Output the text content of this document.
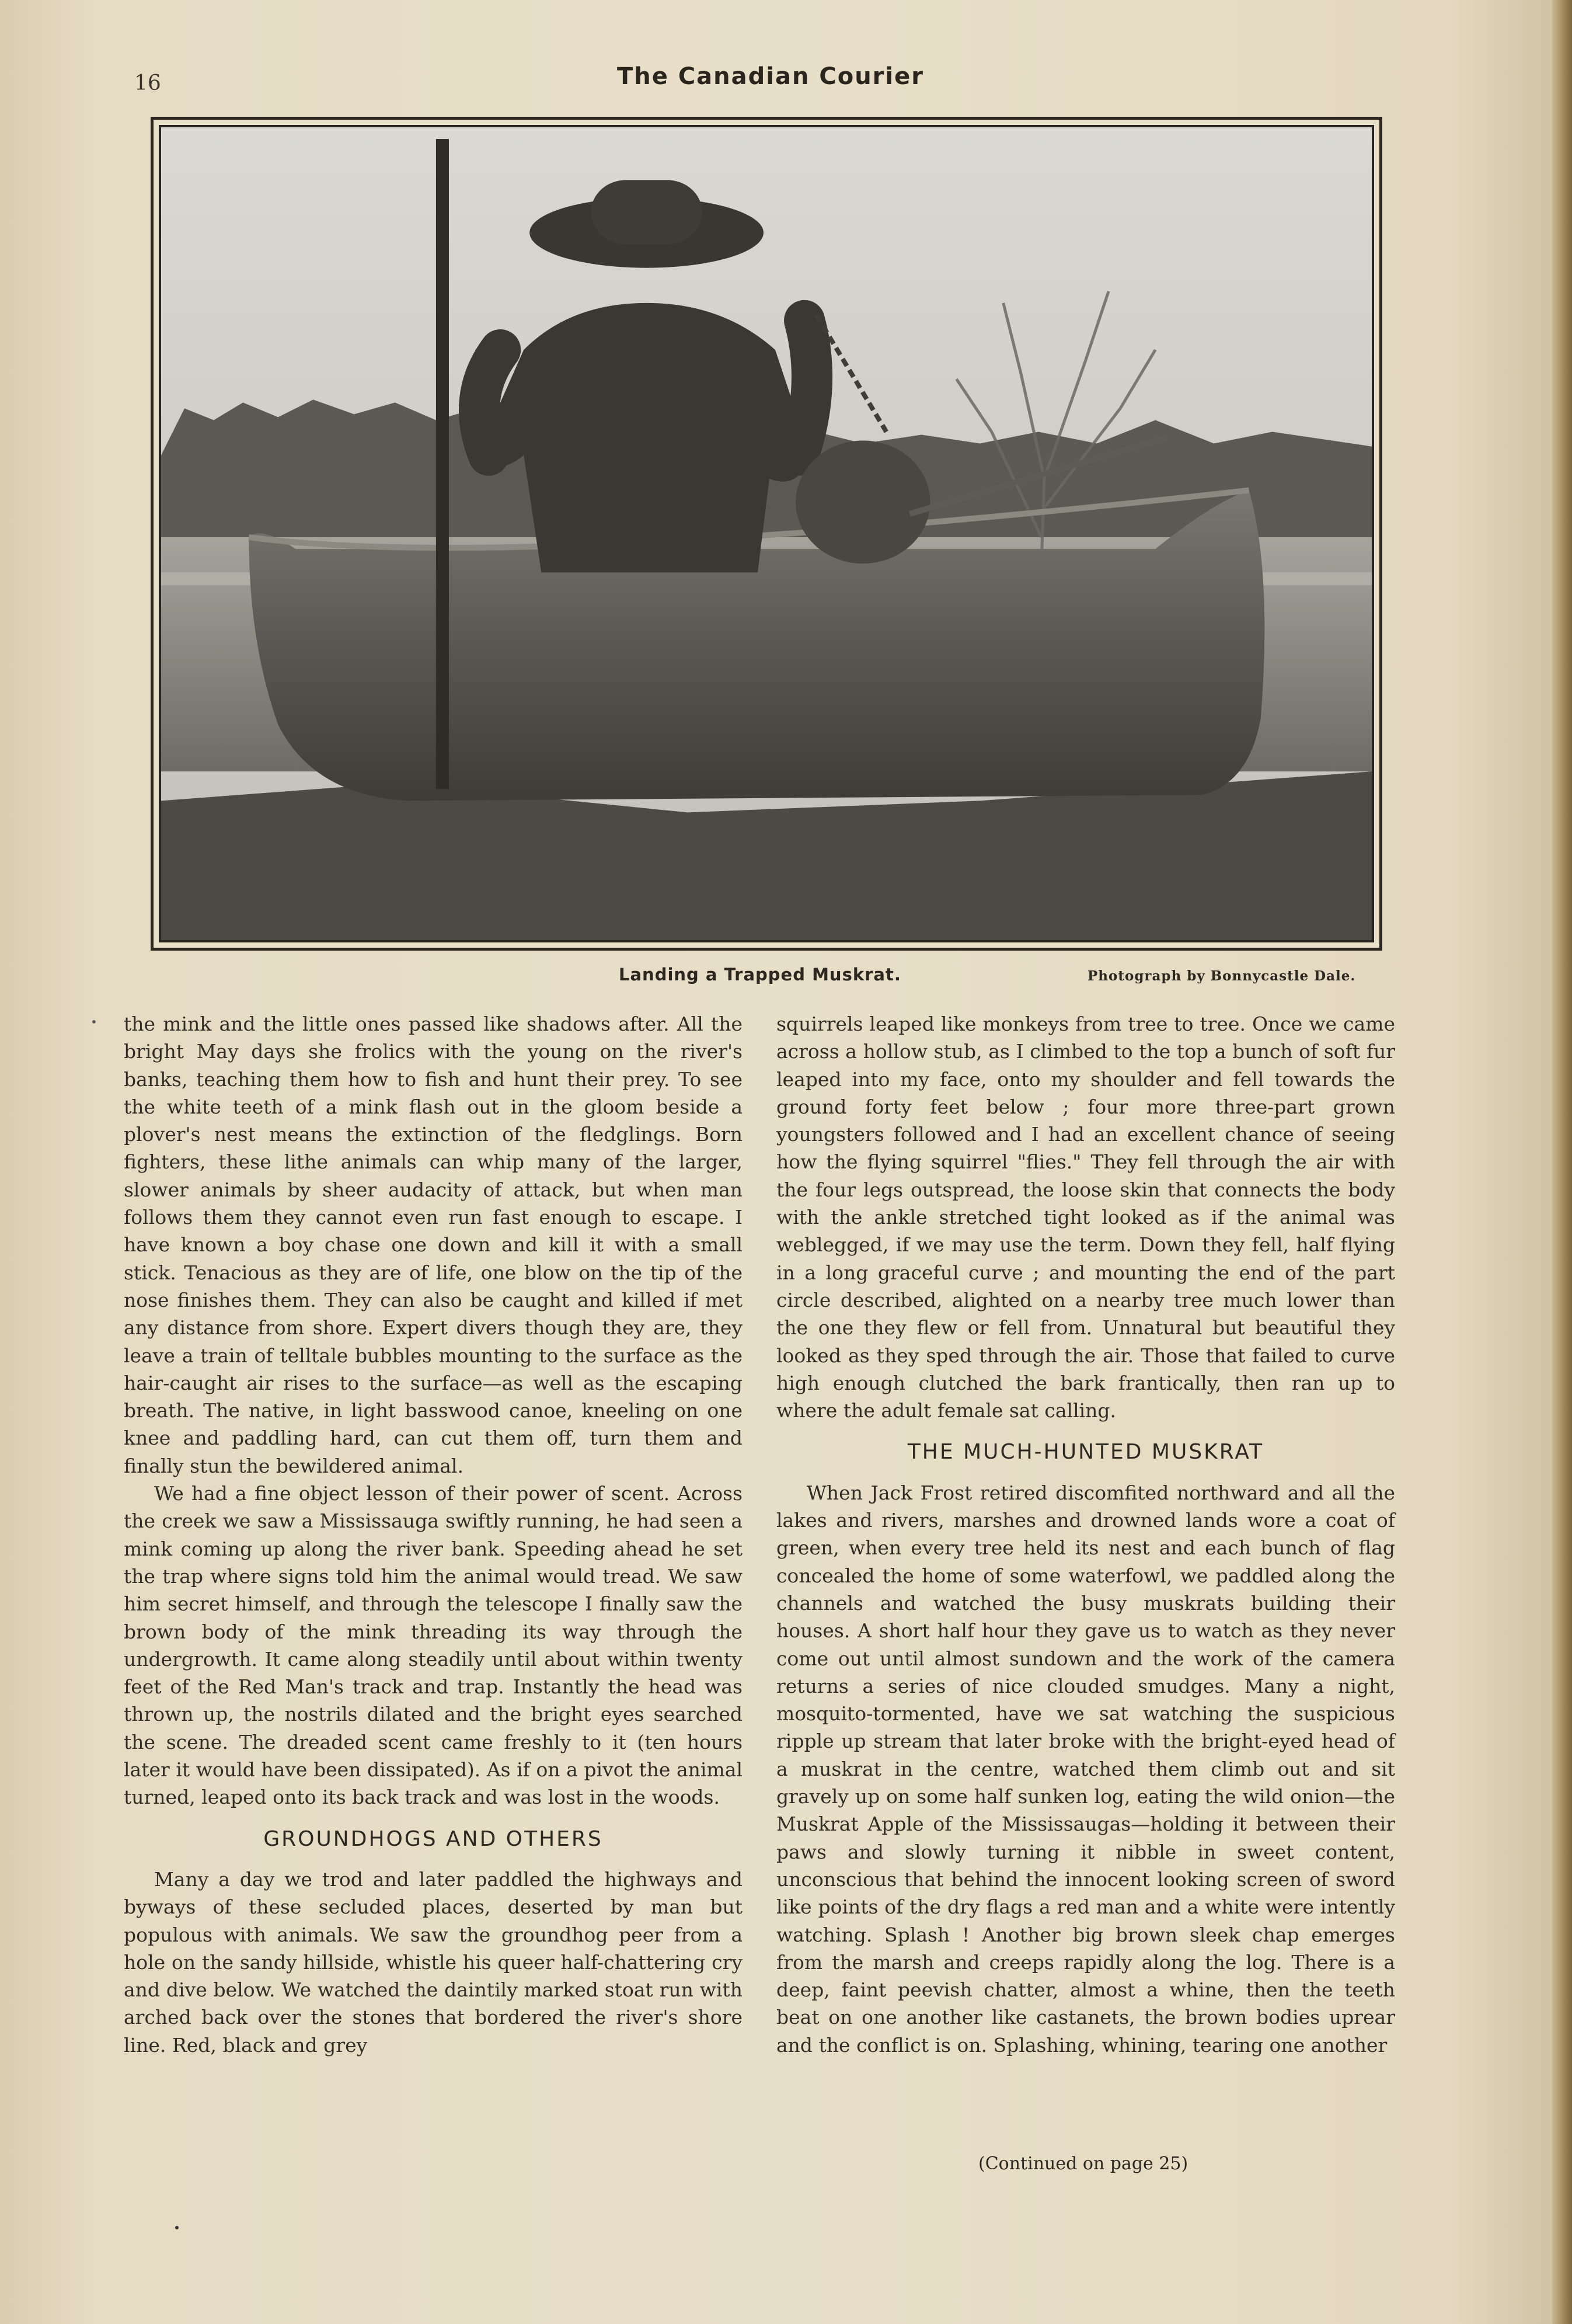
16	The Canadian Courier
Landing a Trapped Muskrat.	Photograph by Bonnycastle Dale.
• the mink and the little ones passed like shadows after. All the bright May days she frolics with the young on the river's banks, teaching them how to fish and hunt their prey. To see the white teeth of a mink flash out in the gloom beside a plover's nest means the extinction of the fledglings. Born fighters, these lithe animals can whip many of the larger, slower animals by sheer audacity of attack, but when man follows them they cannot even run fast enough to escape. I have known a boy chase one down and kill it with a small stick. Tenacious as they are of life, one blow on the tip of the nose finishes them. They can also be caught and killed if met any distance from shore. Expert divers though they are, they leave a train of telltale bubbles mounting to the surface as the hair-caught air rises to the surface—as well as the escaping breath. The native, in light basswood canoe, kneeling on one knee and paddling hard, can cut them off, turn them and finally stun the bewildered animal.

We had a fine object lesson of their power of scent. Across the creek we saw a Mississauga swiftly running, he had seen a mink coming up along the river bank. Speeding ahead he set the trap where signs told him the animal would tread. We saw him secret himself, and through the telescope I finally saw the brown body of the mink threading its way through the undergrowth. It came along steadily until about within twenty feet of the Red Man's track and trap. Instantly the head was thrown up, the nostrils dilated and the bright eyes searched the scene. The dreaded scent came freshly to it (ten hours later it would have been dissipated). As if on a pivot the animal turned, leaped onto its back track and was lost in the woods.

GROUNDHOGS AND OTHERS

Many a day we trod and later paddled the highways and byways of these secluded places, deserted by man but populous with animals. We saw the groundhog peer from a hole on the sandy hillside, whistle his queer half-chattering cry and dive below. We watched the daintily marked stoat run with arched back over the stones that bordered the river's shore line. Red, black and grey

squirrels leaped like monkeys from tree to tree. Once we came across a hollow stub, as I climbed to the top a bunch of soft fur leaped into my face, onto my shoulder and fell towards the ground forty feet below ; four more three-part grown youngsters followed and I had an excellent chance of seeing how the flying squirrel "flies." They fell through the air with the four legs outspread, the loose skin that connects the body with the ankle stretched tight looked as if the animal was weblegged, if we may use the term. Down they fell, half flying in a long graceful curve ; and mounting the end of the part circle described, alighted on a nearby tree much lower than the one they flew or fell from. Unnatural but beautiful they looked as they sped through the air. Those that failed to curve high enough clutched the bark frantically, then ran up to where the adult female sat calling.

THE MUCH-HUNTED MUSKRAT

When Jack Frost retired discomfited northward and all the lakes and rivers, marshes and drowned lands wore a coat of green, when every tree held its nest and each bunch of flag concealed the home of some waterfowl, we paddled along the channels and watched the busy muskrats building their houses. A short half hour they gave us to watch as they never come out until almost sundown and the work of the camera returns a series of nice clouded smudges. Many a night, mosquito-tormented, have we sat watching the suspicious ripple up stream that later broke with the bright-eyed head of a muskrat in the centre, watched them climb out and sit gravely up on some half sunken log, eating the wild onion—the Muskrat Apple of the Mississaugas—holding it between their paws and slowly turning it nibble in sweet content, unconscious that behind the innocent looking screen of sword like points of the dry flags a red man and a white were intently watching. Splash ! Another big brown sleek chap emerges from the marsh and creeps rapidly along the log. There is a deep, faint peevish chatter, almost a whine, then the teeth beat on one another like castanets, the brown bodies uprear and the conflict is on. Splashing, whining, tearing one another

(Continued on page 25)
